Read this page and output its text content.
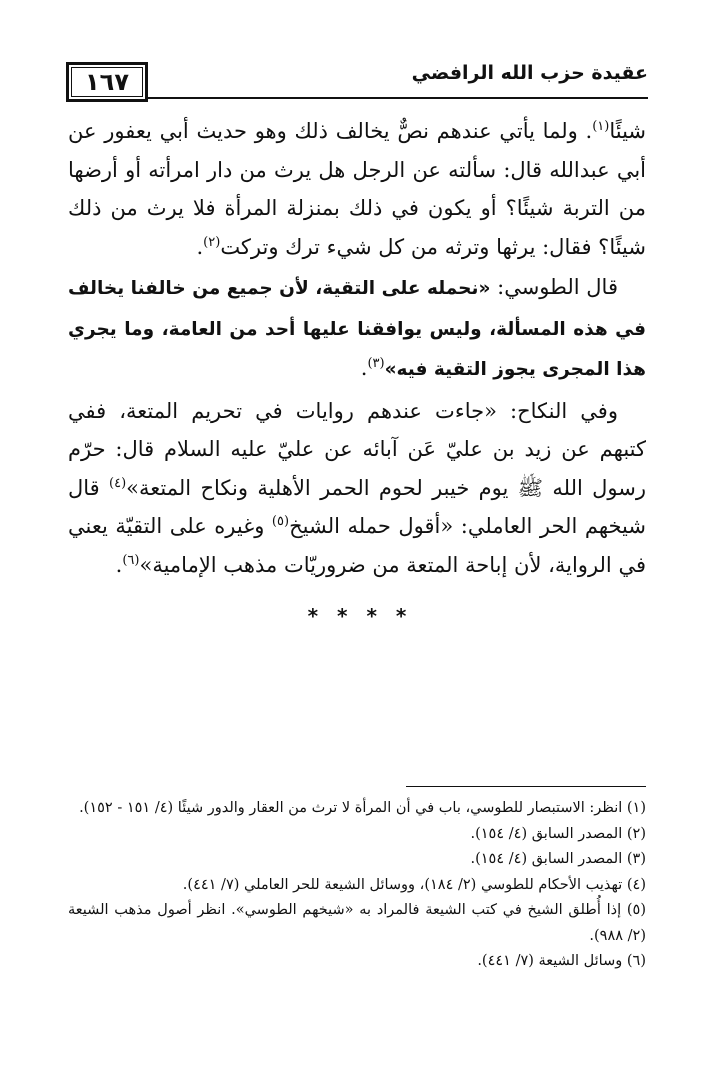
١٦٧	عقيدة حزب الله الرافضي

شيئًا$^{(١)}$. ولما يأتي عندهم نصٌّ يخالف ذلك وهو حديث أبي يعفور عن أبي عبدالله قال: سألته عن الرجل هل يرث من دار امرأته أو أرضها من التربة شيئًا؟ أو يكون في ذلك بمنزلة المرأة فلا يرث من ذلك شيئًا؟ فقال: يرثها وترثه من كل شيء ترك وتركت$^{(٢)}$.

قال الطوسي: «نحمله على التقية، لأن جميع من خالفنا يخالف في هذه المسألة، وليس يوافقنا عليها أحد من العامة، وما يجري هذا المجرى يجوز التقية فيه»$^{(٣)}$.

وفي النكاح: «جاءت عندهم روايات في تحريم المتعة، ففي كتبهم عن زيد بن عليّ عَن آبائه عن عليّ عليه السلام قال: حرّم رسول الله ﷺ يوم خيبر لحوم الحمر الأهلية ونكاح المتعة»$^{(٤)}$ قال شيخهم الحر العاملي: «أقول حمله الشيخ$^{(٥)}$ وغيره على التقيّة يعني في الرواية، لأن إباحة المتعة من ضروريّات مذهب الإمامية»$^{(٦)}$.

* * * *

(١) انظر: الاستبصار للطوسي، باب في أن المرأة لا ترث من العقار والدور شيئًا (٤/ ١٥١ - ١٥٢).

(٢) المصدر السابق (٤/ ١٥٤).

(٣) المصدر السابق (٤/ ١٥٤).

(٤) تهذيب الأحكام للطوسي (٢/ ١٨٤)، ووسائل الشيعة للحر العاملي (٧/ ٤٤١).

(٥) إذا أُطلق الشيخ في كتب الشيعة فالمراد به «شيخهم الطوسي». انظر أصول مذهب الشيعة (٢/ ٩٨٨).

(٦) وسائل الشيعة (٧/ ٤٤١).
